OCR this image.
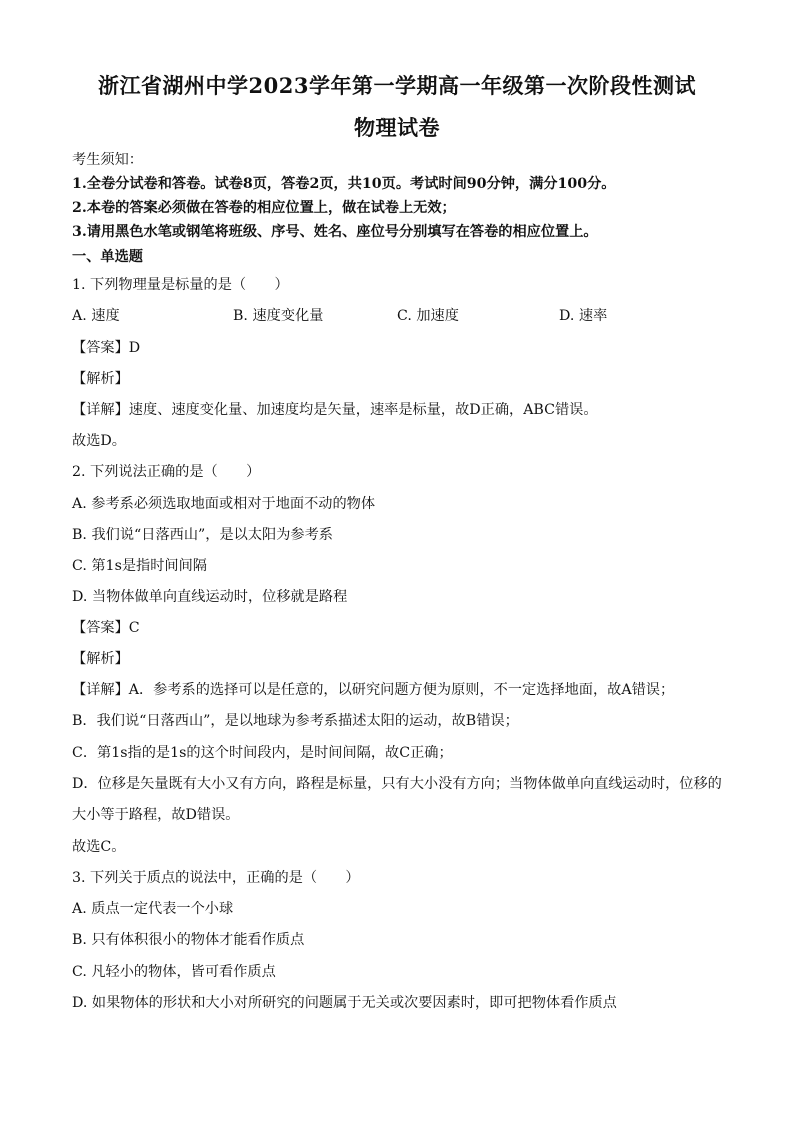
浙江省湖州中学2023学年第一学期高一年级第一次阶段性测试
物理试卷
考生须知：
1.全卷分试卷和答卷。试卷8页，答卷2页，共10页。考试时间90分钟，满分100分。
2.本卷的答案必须做在答卷的相应位置上，做在试卷上无效；
3.请用黑色水笔或钢笔将班级、序号、姓名、座位号分别填写在答卷的相应位置上。
一、单选题
1. 下列物理量是标量的是（　　）
A. 速度	B. 速度变化量	C. 加速度	D. 速率
【答案】D
【解析】
【详解】速度、速度变化量、加速度均是矢量，速率是标量，故D正确，ABC错误。
故选D。
2. 下列说法正确的是（　　）
A. 参考系必须选取地面或相对于地面不动的物体
B. 我们说“日落西山”，是以太阳为参考系
C. 第1s是指时间间隔
D. 当物体做单向直线运动时，位移就是路程
【答案】C
【解析】
【详解】A．参考系的选择可以是任意的，以研究问题方便为原则，不一定选择地面，故A错误；
B．我们说“日落西山”，是以地球为参考系描述太阳的运动，故B错误；
C．第1s指的是1s的这个时间段内，是时间间隔，故C正确；
D．位移是矢量既有大小又有方向，路程是标量，只有大小没有方向；当物体做单向直线运动时，位移的
大小等于路程，故D错误。
故选C。
3. 下列关于质点的说法中，正确的是（　　）
A. 质点一定代表一个小球
B. 只有体积很小的物体才能看作质点
C. 凡轻小的物体，皆可看作质点
D. 如果物体的形状和大小对所研究的问题属于无关或次要因素时，即可把物体看作质点
